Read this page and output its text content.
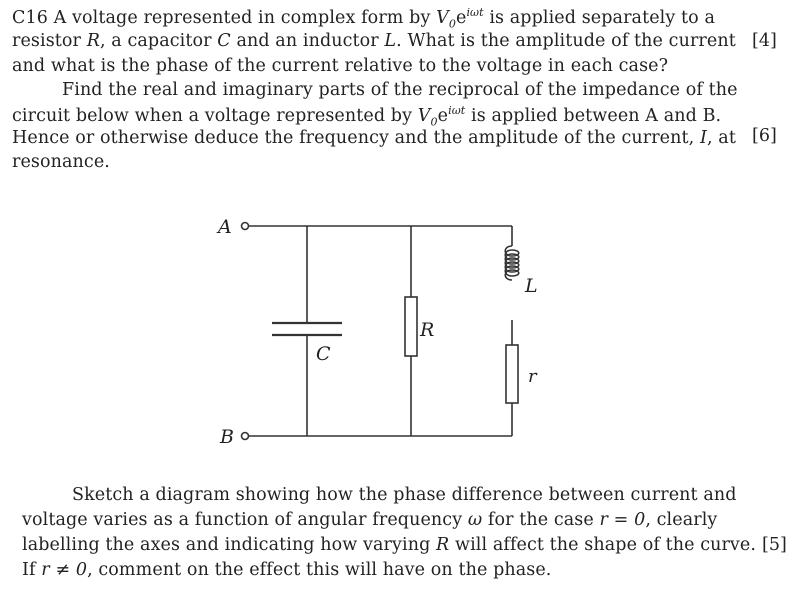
C16 A voltage represented in complex form by $V_0e^{i\omega t}$ is applied separately to a
resistor R, a capacitor C and an inductor L. What is the amplitude of the current [4]
and what is the phase of the current relative to the voltage in each case?
Find the real and imaginary parts of the reciprocal of the impedance of the
circuit below when a voltage represented by $V_0e^{i\omega t}$ is applied between A and B.
Hence or otherwise deduce the frequency and the amplitude of the current, I, at [6]
resonance.
A
B
C
R
L
r
Sketch a diagram showing how the phase difference between current and
voltage varies as a function of angular frequency ω for the case r = 0, clearly
labelling the axes and indicating how varying R will affect the shape of the curve. [5]
If r ≠ 0, comment on the effect this will have on the phase.
